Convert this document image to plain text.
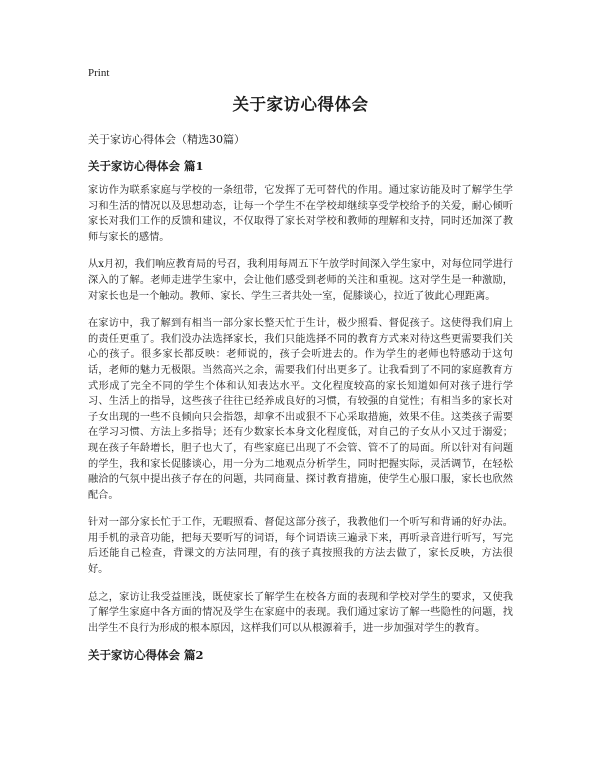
Print
关于家访心得体会
关于家访心得体会（精选30篇）
关于家访心得体会 篇1

家访作为联系家庭与学校的一条纽带，它发挥了无可替代的作用。通过家访能及时了解学生学习和生活的情况以及思想动态，让每一个学生不在学校却继续享受学校给予的关爱，耐心倾听家长对我们工作的反馈和建议，不仅取得了家长对学校和教师的理解和支持，同时还加深了教师与家长的感情。

从x月初，我们响应教育局的号召，我利用每周五下午放学时间深入学生家中，对每位同学进行深入的了解。老师走进学生家中，会让他们感受到老师的关注和重视。这对学生是一种激励，对家长也是一个触动。教师、家长、学生三者共处一室，促膝谈心，拉近了彼此心理距离。

在家访中，我了解到有相当一部分家长整天忙于生计，极少照看、督促孩子。这使得我们肩上的责任更重了。我们没办法选择家长，我们只能选择不同的教育方式来对待这些更需要我们关心的孩子。很多家长都反映：老师说的，孩子会听进去的。作为学生的老师也特感动于这句话，老师的魅力无极限。当然高兴之余，需要我们付出更多了。让我看到了不同的家庭教育方式形成了完全不同的学生个体和认知表达水平。文化程度较高的家长知道如何对孩子进行学习、生活上的指导，这些孩子往往已经养成良好的习惯，有较强的自觉性；有相当多的家长对子女出现的一些不良倾向只会指怨，却拿不出或狠不下心采取措施，效果不佳。这类孩子需要在学习习惯、方法上多指导；还有少数家长本身文化程度低，对自己的子女从小又过于溺爱；现在孩子年龄增长，胆子也大了，有些家庭已出现了不会管、管不了的局面。所以针对有问题的学生，我和家长促膝谈心，用一分为二地观点分析学生，同时把握实际，灵活调节，在轻松融洽的气氛中提出孩子存在的问题，共同商量、探讨教育措施，使学生心服口服，家长也欣然配合。

针对一部分家长忙于工作，无暇照看、督促这部分孩子，我教他们一个听写和背诵的好办法。用手机的录音功能，把每天要听写的词语，每个词语读三遍录下来，再听录音进行听写，写完后还能自己检查，背课文的方法同理，有的孩子真按照我的方法去做了，家长反映，方法很好。

总之，家访让我受益匪浅，既使家长了解学生在校各方面的表现和学校对学生的要求，又使我了解学生家庭中各方面的情况及学生在家庭中的表现。我们通过家访了解一些隐性的问题，找出学生不良行为形成的根本原因，这样我们可以从根源着手，进一步加强对学生的教育。

关于家访心得体会 篇2
